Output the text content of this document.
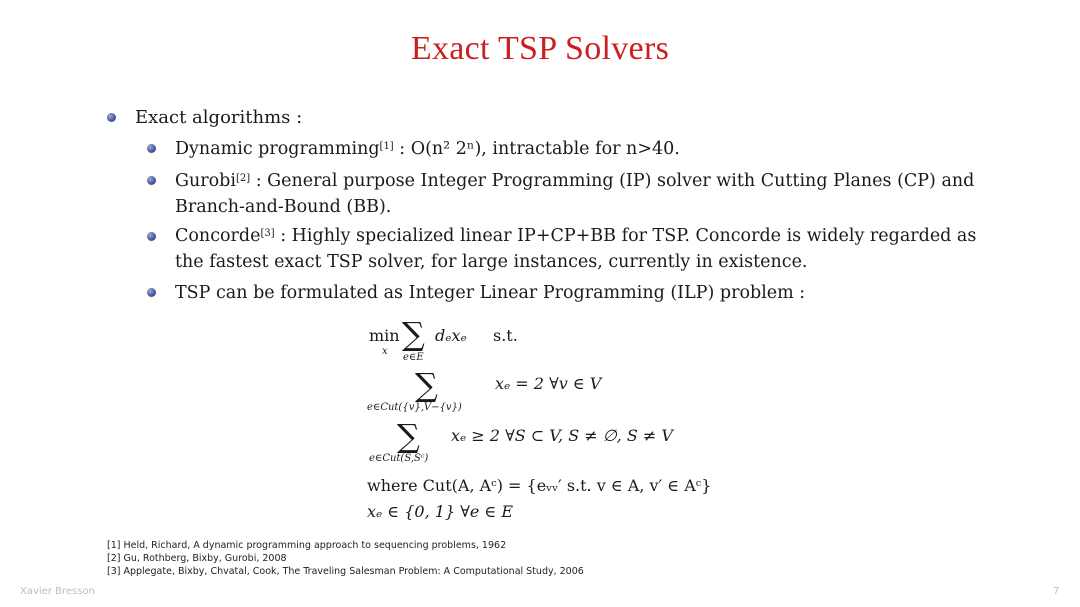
Exact TSP Solvers
Exact algorithms :
Dynamic programming[1] : O(n² 2ⁿ), intractable for n>40.
Gurobi[2] : General purpose Integer Programming (IP) solver with Cutting Planes (CP) and
Branch-and-Bound (BB).
Concorde[3] : Highly specialized linear IP+CP+BB for TSP. Concorde is widely regarded as
the fastest exact TSP solver, for large instances, currently in existence.
TSP can be formulated as Integer Linear Programming (ILP) problem :
min
x ∑
e∈E
dₑxₑ s.t.
∑
e∈Cut({v},V−{v})
xₑ = 2 ∀v ∈ V
∑
e∈Cut(S,Sᶜ)
xₑ ≥ 2 ∀S ⊂ V, S ≠ ∅, S ≠ V
where Cut(A, Aᶜ) = {eᵥᵥ′ s.t. v ∈ A, v′ ∈ Aᶜ}
xₑ ∈ {0, 1} ∀e ∈ E
[1] Held, Richard, A dynamic programming approach to sequencing problems, 1962
[2] Gu, Rothberg, Bixby, Gurobi, 2008
[3] Applegate, Bixby, Chvatal, Cook, The Traveling Salesman Problem: A Computational Study, 2006
Xavier Bresson	7
